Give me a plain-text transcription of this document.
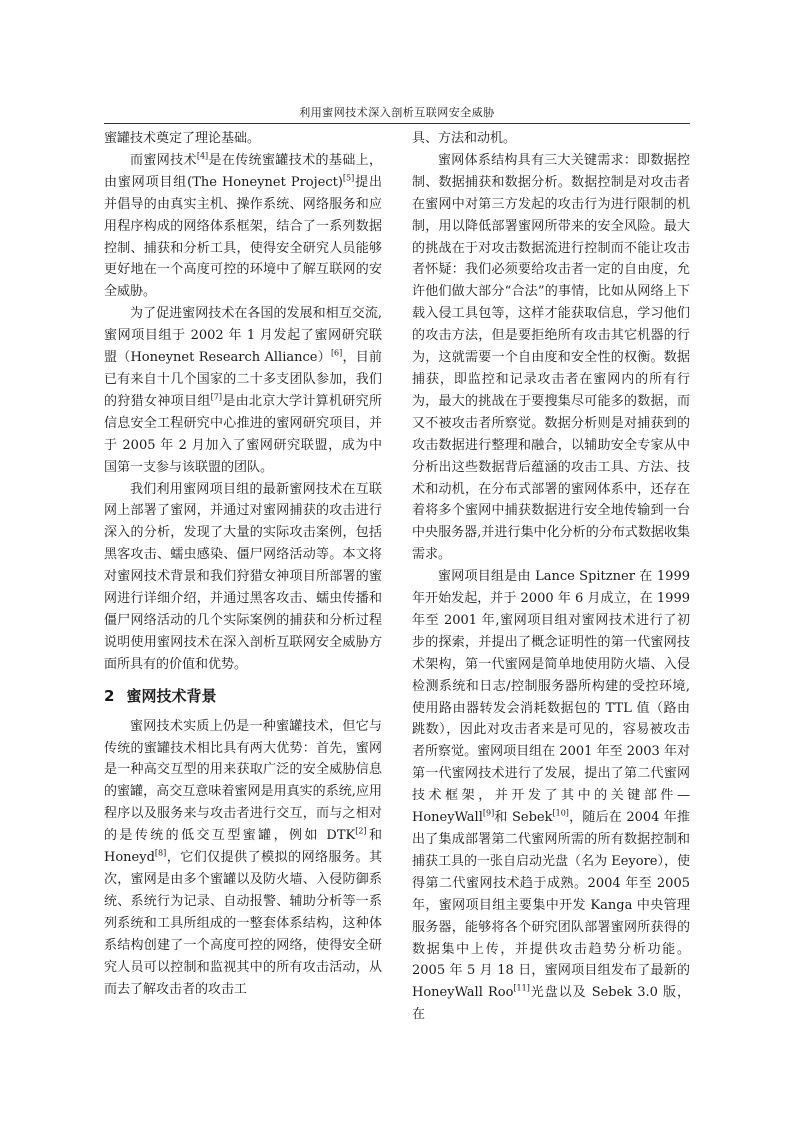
利用蜜网技术深入剖析互联网安全威胁

蜜罐技术奠定了理论基础。

而蜜网技术[4]是在传统蜜罐技术的基础上，由蜜网项目组(The Honeynet Project)[5]提出并倡导的由真实主机、操作系统、网络服务和应用程序构成的网络体系框架，结合了一系列数据控制、捕获和分析工具，使得安全研究人员能够更好地在一个高度可控的环境中了解互联网的安全威胁。

为了促进蜜网技术在各国的发展和相互交流,蜜网项目组于 2002 年 1 月发起了蜜网研究联盟（Honeynet Research Alliance）[6]，目前已有来自十几个国家的二十多支团队参加，我们的狩猎女神项目组[7]是由北京大学计算机研究所信息安全工程研究中心推进的蜜网研究项目，并于 2005 年 2 月加入了蜜网研究联盟，成为中国第一支参与该联盟的团队。

我们利用蜜网项目组的最新蜜网技术在互联网上部署了蜜网，并通过对蜜网捕获的攻击进行深入的分析，发现了大量的实际攻击案例，包括黑客攻击、蠕虫感染、僵尸网络活动等。本文将对蜜网技术背景和我们狩猎女神项目所部署的蜜网进行详细介绍，并通过黑客攻击、蠕虫传播和僵尸网络活动的几个实际案例的捕获和分析过程说明使用蜜网技术在深入剖析互联网安全威胁方面所具有的价值和优势。

2 蜜网技术背景

蜜网技术实质上仍是一种蜜罐技术，但它与传统的蜜罐技术相比具有两大优势：首先，蜜网是一种高交互型的用来获取广泛的安全威胁信息的蜜罐，高交互意味着蜜网是用真实的系统,应用程序以及服务来与攻击者进行交互，而与之相对的是传统的低交互型蜜罐，例如 DTK[2]和 Honeyd[8]，它们仅提供了模拟的网络服务。其次，蜜网是由多个蜜罐以及防火墙、入侵防御系统、系统行为记录、自动报警、辅助分析等一系列系统和工具所组成的一整套体系结构，这种体系结构创建了一个高度可控的网络，使得安全研究人员可以控制和监视其中的所有攻击活动，从而去了解攻击者的攻击工

具、方法和动机。

蜜网体系结构具有三大关键需求：即数据控制、数据捕获和数据分析。数据控制是对攻击者在蜜网中对第三方发起的攻击行为进行限制的机制，用以降低部署蜜网所带来的安全风险。最大的挑战在于对攻击数据流进行控制而不能让攻击者怀疑：我们必须要给攻击者一定的自由度，允许他们做大部分“合法”的事情，比如从网络上下载入侵工具包等，这样才能获取信息，学习他们的攻击方法，但是要拒绝所有攻击其它机器的行为，这就需要一个自由度和安全性的权衡。数据捕获，即监控和记录攻击者在蜜网内的所有行为，最大的挑战在于要搜集尽可能多的数据，而又不被攻击者所察觉。数据分析则是对捕获到的攻击数据进行整理和融合，以辅助安全专家从中分析出这些数据背后蕴涵的攻击工具、方法、技术和动机，在分布式部署的蜜网体系中，还存在着将多个蜜网中捕获数据进行安全地传输到一台中央服务器,并进行集中化分析的分布式数据收集需求。

蜜网项目组是由 Lance Spitzner 在 1999 年开始发起，并于 2000 年 6 月成立，在 1999 年至 2001 年,蜜网项目组对蜜网技术进行了初步的探索，并提出了概念证明性的第一代蜜网技术架构，第一代蜜网是简单地使用防火墙、入侵检测系统和日志/控制服务器所构建的受控环境,使用路由器转发会消耗数据包的 TTL 值（路由跳数），因此对攻击者来是可见的，容易被攻击者所察觉。蜜网项目组在 2001 年至 2003 年对第一代蜜网技术进行了发展，提出了第二代蜜网技术框架，并开发了其中的关键部件—HoneyWall[9]和 Sebek[10]，随后在 2004 年推出了集成部署第二代蜜网所需的所有数据控制和捕获工具的一张自启动光盘（名为 Eeyore），使得第二代蜜网技术趋于成熟。2004 年至 2005 年，蜜网项目组主要集中开发 Kanga 中央管理服务器，能够将各个研究团队部署蜜网所获得的数据集中上传，并提供攻击趋势分析功能。2005 年 5 月 18 日，蜜网项目组发布了最新的 HoneyWall Roo[11]光盘以及 Sebek 3.0 版，在
